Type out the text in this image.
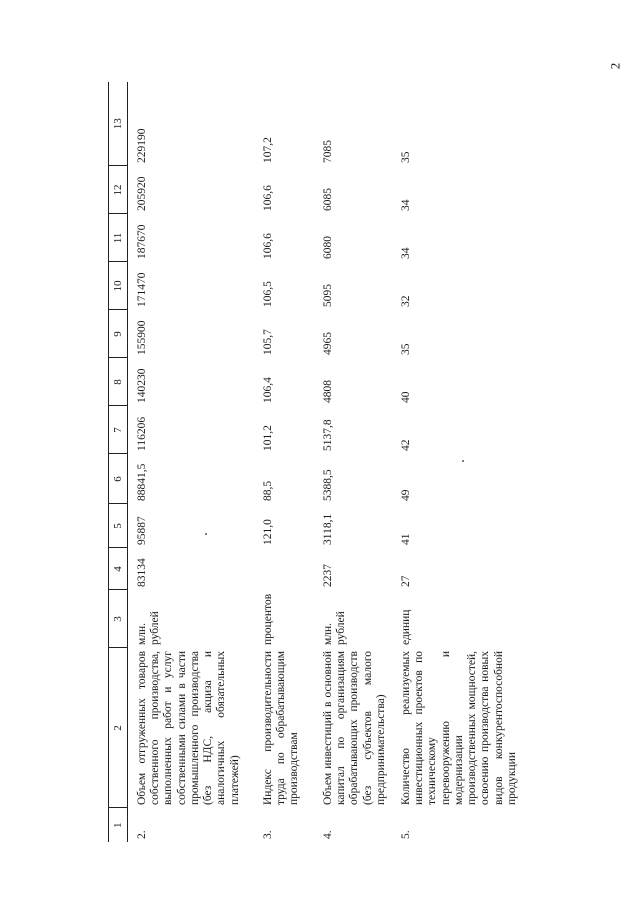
2
1	2	3	4	5	6	7	8	9	10	11	12	13
2.	Объем отгруженных товаров собственного производства, выполненных работ и услуг собственными силами в части промышленного производства (без НДС, акциза и аналогичных обязательных платежей)	млн. рублей	83134	95887	88841,5	116206	140230	155900	171470	187670	205920	229190
3.	Индекс производительности труда по обрабатывающим производствам	процентов		121,0	88,5	101,2	106,4	105,7	106,5	106,6	106,6	107,2
4.	Объем инвестиций в основной капитал по организациям обрабатывающих производств (без субъектов малого предпринимательства)	млн. рублей	2237	3118,1	5388,5	5137,8	4808	4965	5095	6080	6085	7085
5.	Количество реализуемых инвестиционных проектов по техническому перевооружению и модернизации производственных мощностей, освоению производства новых видов конкурентоспособной продукции	единиц	27	41	49	42	40	35	32	34	34	35
